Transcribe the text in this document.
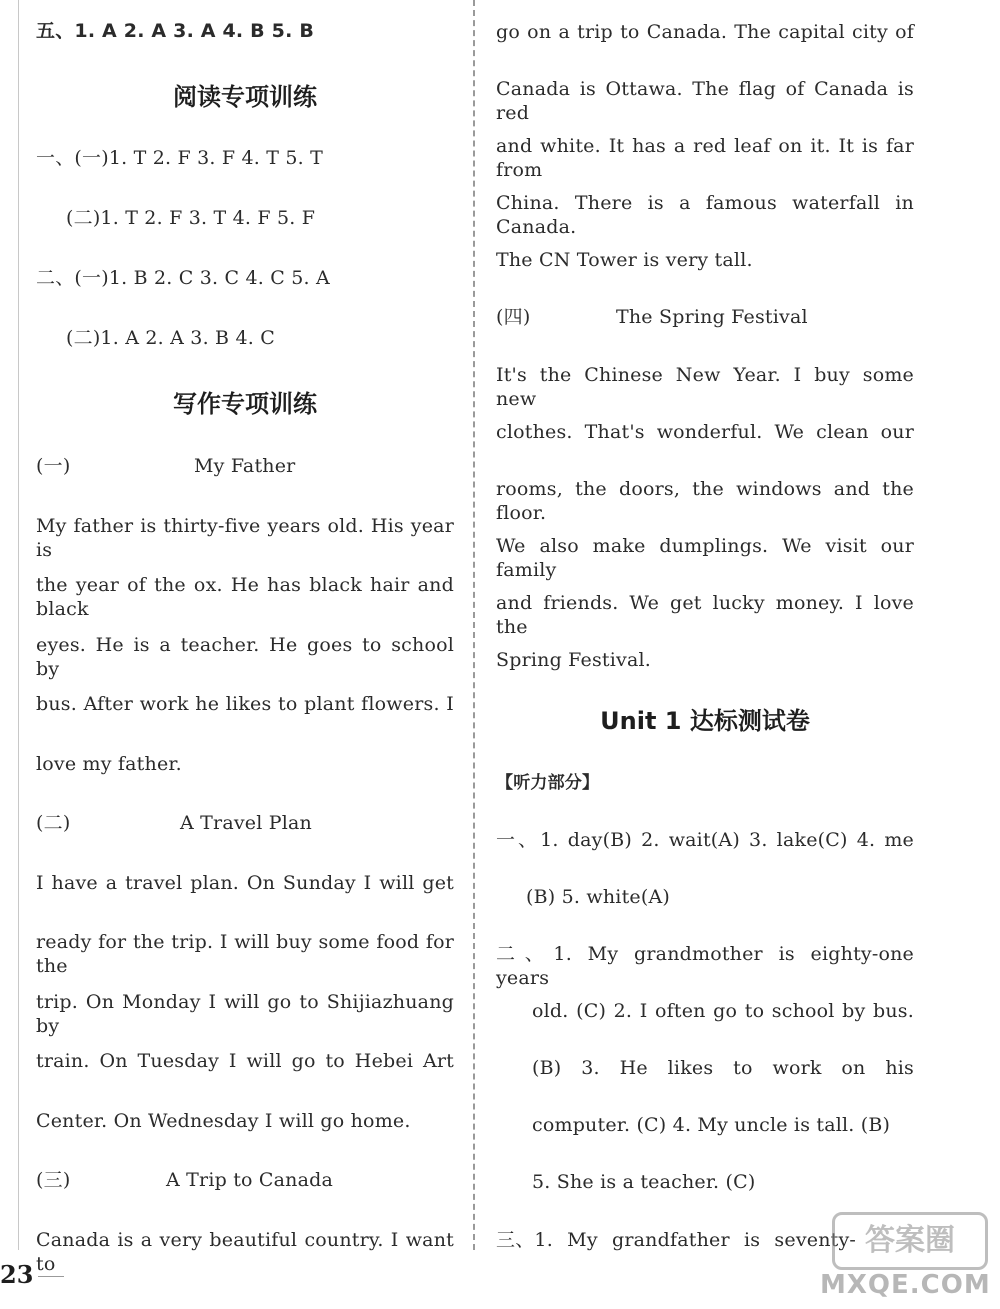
五、1. A 2. A 3. A 4. B 5. B
阅读专项训练
一、(一)1. T 2. F 3. F 4. T 5. T
(二)1. T 2. F 3. T 4. F 5. F
二、(一)1. B 2. C 3. C 4. C 5. A
(二)1. A 2. A 3. B 4. C
写作专项训练
(一)	My Father
My father is thirty-five years old. His year is
the year of the ox. He has black hair and black
eyes. He is a teacher. He goes to school by
bus. After work he likes to plant flowers. I
love my father.
(二)	A Travel Plan
I have a travel plan. On Sunday I will get
ready for the trip. I will buy some food for the
trip. On Monday I will go to Shijiazhuang by
train. On Tuesday I will go to Hebei Art
Center. On Wednesday I will go home.
(三)	A Trip to Canada
Canada is a very beautiful country. I want to
go on a trip to Canada. The capital city of
Canada is Ottawa. The flag of Canada is red
and white. It has a red leaf on it. It is far from
China. There is a famous waterfall in Canada.
The CN Tower is very tall.
(四)	The Spring Festival
It's the Chinese New Year. I buy some new
clothes. That's wonderful. We clean our
rooms, the doors, the windows and the floor.
We also make dumplings. We visit our family
and friends. We get lucky money. I love the
Spring Festival.
Unit 1 达标测试卷
【听力部分】
一、1. day(B) 2. wait(A) 3. lake(C) 4. me
(B) 5. white(A)
二、1. My grandmother is eighty-one years
old. (C) 2. I often go to school by bus.
(B) 3. He likes to work on his
computer. (C) 4. My uncle is tall. (B)
5. She is a teacher. (C)
三、1. My grandfather is seventy-
23
答案圈
MXQE.COM
